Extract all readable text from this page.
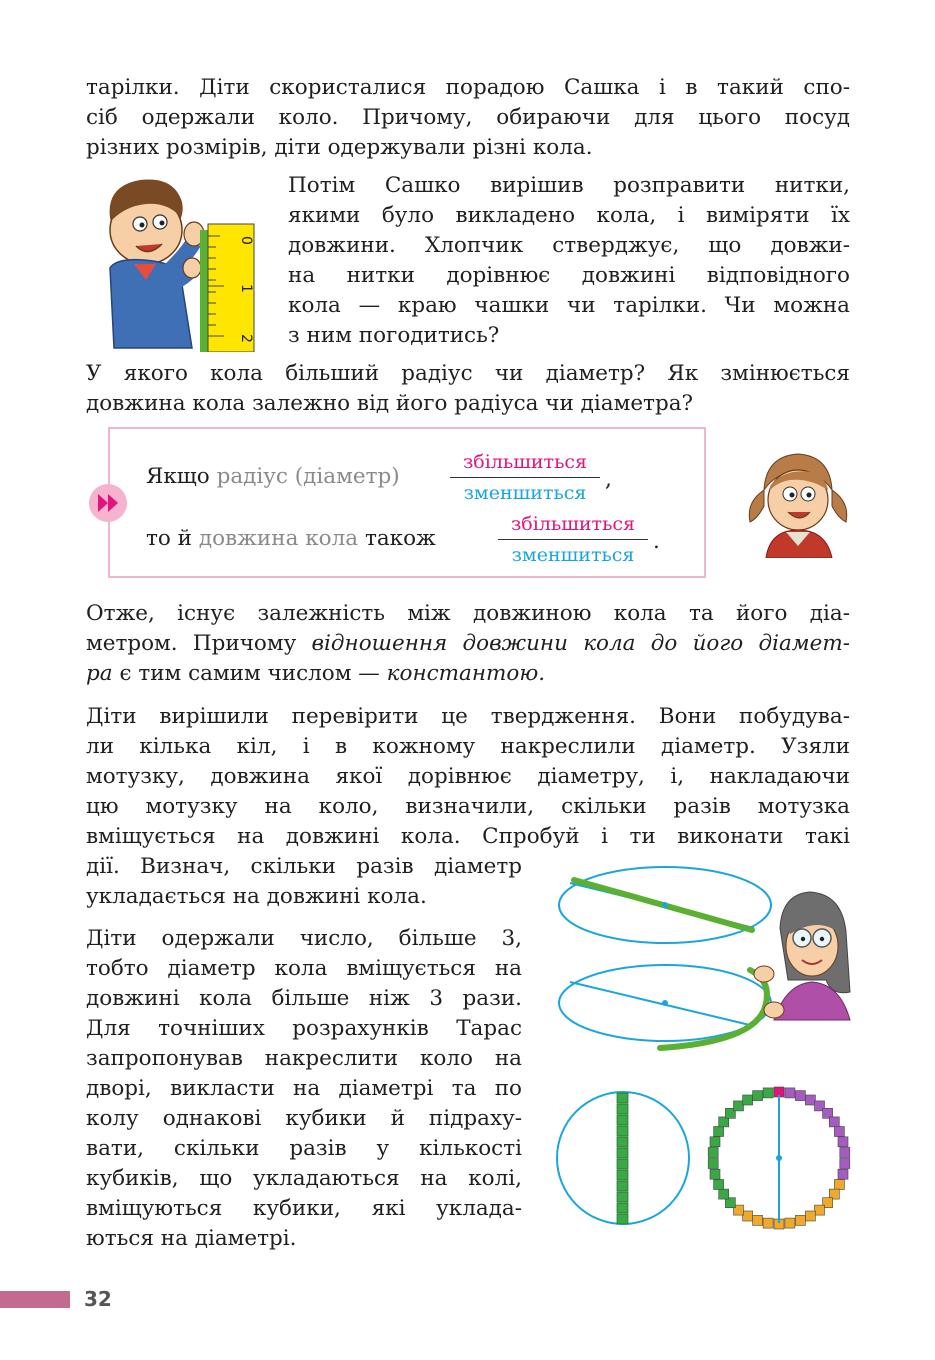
тарілки. Діти скористалися порадою Сашка і в такий спо-
сіб одержали коло. Причому, обираючи для цього посуд
різних розмірів, діти одержували різні кола.
0
1
2
Потім Сашко вирішив розправити нитки,
якими було викладено кола, і виміряти їх
довжини. Хлопчик стверджує, що довжи-
на нитки дорівнює довжині відповідного
кола — краю чашки чи тарілки. Чи можна
з ним погодитись?
У якого кола більший радіус чи діаметр? Як змінюється
довжина кола залежно від його радіуса чи діаметра?
Якщо радіус (діаметр)
збільшиться
зменшиться
,
то й довжина кола також
збільшиться
зменшиться
.
Отже, існує залежність між довжиною кола та його діа-
метром. Причому відношення довжини кола до його діамет-
ра є тим самим числом — константою.
Діти вирішили перевірити це твердження. Вони побудува-
ли кілька кіл, і в кожному накреслили діаметр. Узяли
мотузку, довжина якої дорівнює діаметру, і, накладаючи
цю мотузку на коло, визначили, скільки разів мотузка
вміщується на довжині кола. Спробуй і ти виконати такі
дії. Визнач, скільки разів діаметр
укладається на довжині кола.
Діти одержали число, більше 3,
тобто діаметр кола вміщується на
довжині кола більше ніж 3 рази.
Для точніших розрахунків Тарас
запропонував накреслити коло на
дворі, викласти на діаметрі та по
колу однакові кубики й підраху-
вати, скільки разів у кількості
кубиків, що укладаються на колі,
вміщуються кубики, які уклада-
ються на діаметрі.
32
